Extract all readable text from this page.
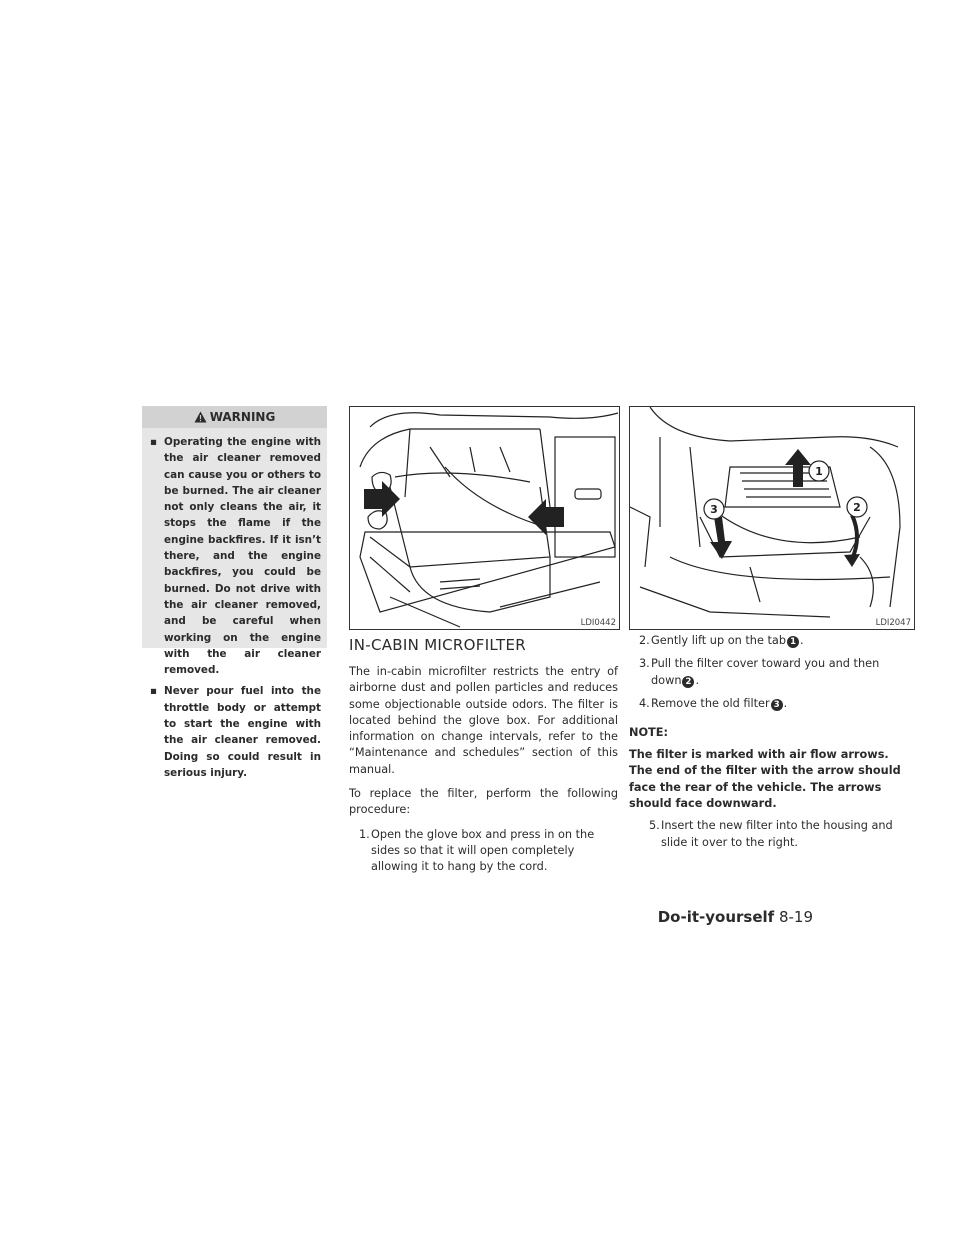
WARNING
▪ Operating the engine with the air cleaner removed can cause you or others to be burned. The air cleaner not only cleans the air, it stops the flame if the engine backfires. If it isn’t there, and the engine backfires, you could be burned. Do not drive with the air cleaner removed, and be careful when working on the engine with the air cleaner removed.
▪ Never pour fuel into the throttle body or attempt to start the engine with the air cleaner removed. Doing so could result in serious injury.
LDI0442
1
2
3
LDI2047
IN-CABIN MICROFILTER

The in-cabin microfilter restricts the entry of airborne dust and pollen particles and reduces some objectionable outside odors. The filter is located behind the glove box. For additional information on change intervals, refer to the “Maintenance and schedules” section of this manual.

To replace the filter, perform the following procedure:

1. Open the glove box and press in on the sides so that it will open completely allowing it to hang by the cord.
2. Gently lift up on the tab 1 .
3. Pull the filter cover toward you and then down 2 .
4. Remove the old filter 3 .
NOTE:

The filter is marked with air flow arrows. The end of the filter with the arrow should face the rear of the vehicle. The arrows should face downward.

5. Insert the new filter into the housing and slide it over to the right.
Do-it-yourself 8-19
